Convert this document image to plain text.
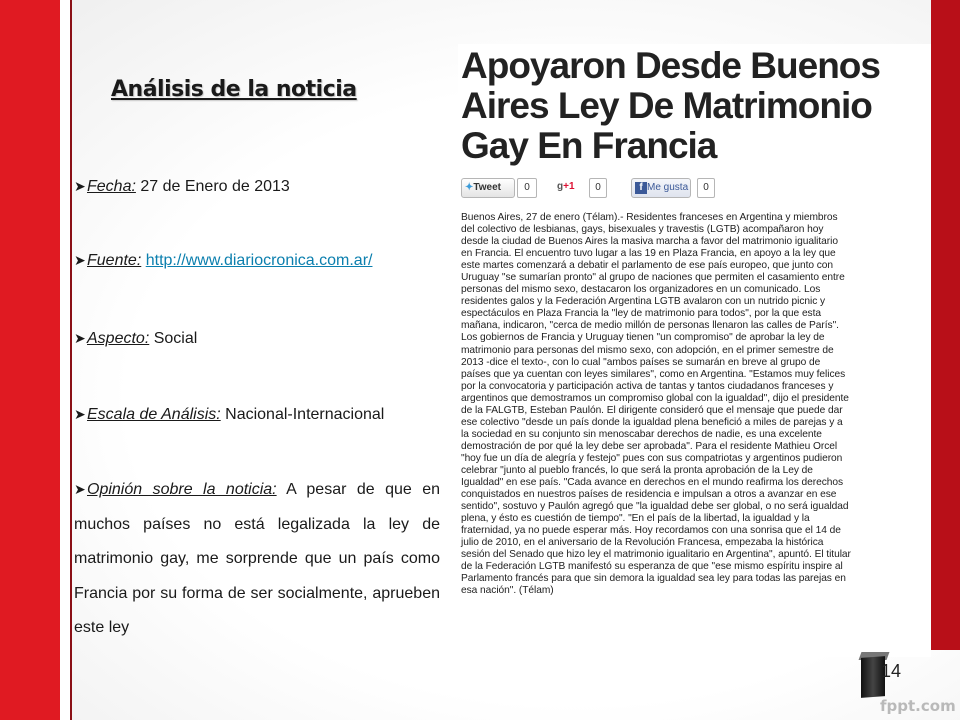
Análisis de la noticia
➤Fecha: 27 de Enero de 2013
➤Fuente: http://www.diariocronica.com.ar/
➤Aspecto: Social
➤Escala de Análisis: Nacional-Internacional
➤Opinión sobre la noticia: A pesar de que en muchos países no está legalizada la ley de matrimonio gay, me sorprende que un país como Francia por su forma de ser socialmente, aprueben este ley
Apoyaron Desde Buenos Aires Ley De Matrimonio Gay En Francia
✦Tweet	0	g+1	0	f Me gusta	0
Buenos Aires, 27 de enero (Télam).- Residentes franceses en Argentina y miembros
del colectivo de lesbianas, gays, bisexuales y travestis (LGTB) acompañaron hoy
desde la ciudad de Buenos Aires la masiva marcha a favor del matrimonio igualitario
en Francia. El encuentro tuvo lugar a las 19 en Plaza Francia, en apoyo a la ley que
este martes comenzará a debatir el parlamento de ese país europeo, que junto con
Uruguay "se sumarían pronto" al grupo de naciones que permiten el casamiento entre
personas del mismo sexo, destacaron los organizadores en un comunicado. Los
residentes galos y la Federación Argentina LGTB avalaron con un nutrido picnic y
espectáculos en Plaza Francia la "ley de matrimonio para todos", por la que esta
mañana, indicaron, "cerca de medio millón de personas llenaron las calles de París".
Los gobiernos de Francia y Uruguay tienen "un compromiso" de aprobar la ley de
matrimonio para personas del mismo sexo, con adopción, en el primer semestre de
2013 -dice el texto-, con lo cual "ambos países se sumarán en breve al grupo de
países que ya cuentan con leyes similares", como en Argentina. "Estamos muy felices
por la convocatoria y participación activa de tantas y tantos ciudadanos franceses y
argentinos que demostramos un compromiso global con la igualdad", dijo el presidente
de la FALGTB, Esteban Paulón. El dirigente consideró que el mensaje que puede dar
ese colectivo "desde un país donde la igualdad plena benefició a miles de parejas y a
la sociedad en su conjunto sin menoscabar derechos de nadie, es una excelente
demostración de por qué la ley debe ser aprobada". Para el residente Mathieu Orcel
"hoy fue un día de alegría y festejo" pues con sus compatriotas y argentinos pudieron
celebrar "junto al pueblo francés, lo que será la pronta aprobación de la Ley de
Igualdad" en ese país. "Cada avance en derechos en el mundo reafirma los derechos
conquistados en nuestros países de residencia e impulsan a otros a avanzar en ese
sentido", sostuvo y Paulón agregó que "la igualdad debe ser global, o no será igualdad
plena, y ésto es cuestión de tiempo". "En el país de la libertad, la igualdad y la
fraternidad, ya no puede esperar más. Hoy recordamos con una sonrisa que el 14 de
julio de 2010, en el aniversario de la Revolución Francesa, empezaba la histórica
sesión del Senado que hizo ley el matrimonio igualitario en Argentina", apuntó. El titular
de la Federación LGTB manifestó su esperanza de que "ese mismo espíritu inspire al
Parlamento francés para que sin demora la igualdad sea ley para todas las parejas en
esa nación". (Télam)
14
fppt.com
